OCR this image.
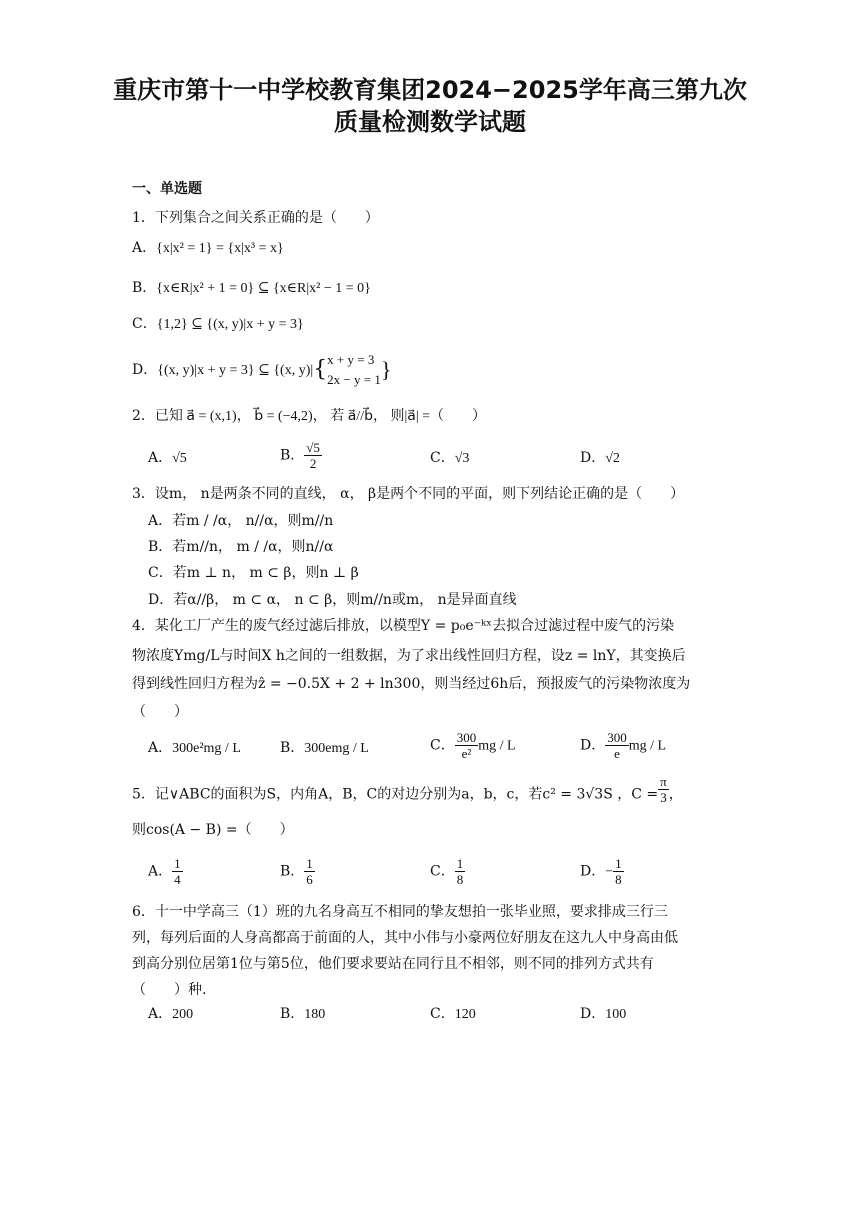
重庆市第十一中学校教育集团2024−2025学年高三第九次
质量检测数学试题
一、单选题
1．下列集合之间关系正确的是（　　）
A．{x|x² = 1} = {x|x³ = x}
B．{x∈R|x² + 1 = 0} ⊆ {x∈R|x² − 1 = 0}
C．{1,2} ⊆ {(x, y)|x + y = 3}
D．{(x, y)|x + y = 3} ⊆ {(x, y)|{ x + y = 3
2x − y = 1 }
2．已知 a⃗ = (x,1)， b⃗ = (−4,2)， 若 a⃗//b⃗， 则|a⃗| =（　　）
A．√5	B． $\frac{√5}{2}$	C．√3	D．√2
3．设m， n是两条不同的直线， α， β是两个不同的平面，则下列结论正确的是（　　）
A．若m / /α， n//α，则m//n
B．若m//n， m / /α，则n//α
C．若m ⊥ n， m ⊂ β，则n ⊥ β
D．若α//β， m ⊂ α， n ⊂ β，则m//n或m， n是异面直线
4．某化工厂产生的废气经过滤后排放，以模型Y = p₀e⁻ᵏˣ去拟合过滤过程中废气的污染
物浓度Ymg/L与时间X h之间的一组数据，为了求出线性回归方程，设z = lnY，其变换后
得到线性回归方程为ẑ = −0.5X + 2 + ln300，则当经过6h后，预报废气的污染物浓度为
（　　）
A．300e²mg / L	B．300emg / L	C． $\frac{300}{\text{e²}}$ mg / L	D． $\frac{300}{e}$ mg / L
5．记∨ABC的面积为S，内角A，B，C的对边分别为a，b，c，若c² = 3√3S ，$C = \frac{\pi}{3}$ ，
则cos(A − B) =（　　）
A． $\frac{1}{4}$	B． $\frac{1}{6}$	C． $\frac{1}{8}$	D．− $\frac{1}{8}$
6．十一中学高三（1）班的九名身高互不相同的挚友想拍一张毕业照，要求排成三行三
列，每列后面的人身高都高于前面的人，其中小伟与小豪两位好朋友在这九人中身高由低
到高分别位居第1位与第5位，他们要求要站在同行且不相邻，则不同的排列方式共有
（　　）种.
A．200	B．180	C．120	D．100
